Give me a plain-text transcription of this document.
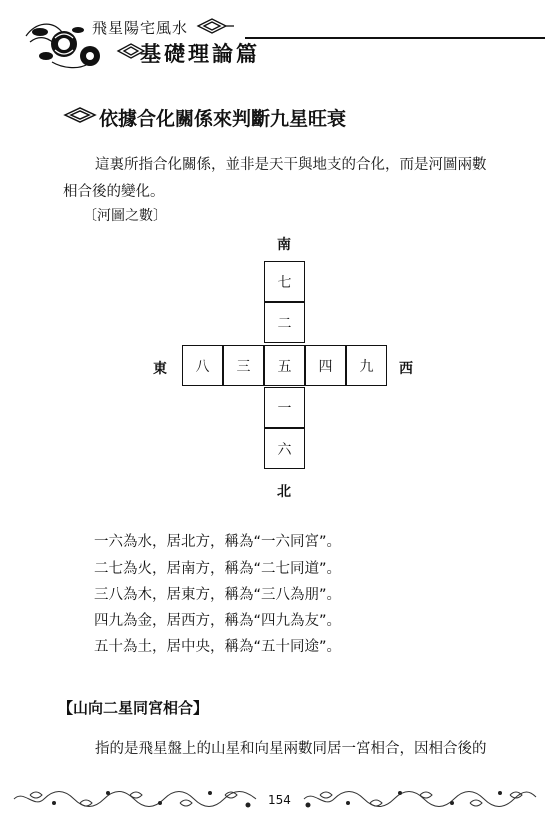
飛星陽宅風水
基礎理論篇
依據合化關係來判斷九星旺衰
這裏所指合化關係，並非是天干與地支的合化，而是河圖兩數
相合後的變化。
〔河圖之數〕
南
北
東	西
七
二
八	三	五	四	九
一
六
一六為水，居北方，稱為“一六同宮”。
二七為火，居南方，稱為“二七同道”。
三八為木，居東方，稱為“三八為朋”。
四九為金，居西方，稱為“四九為友”。
五十為土，居中央，稱為“五十同途”。
【山向二星同宮相合】
指的是飛星盤上的山星和向星兩數同居一宮相合，因相合後的
154
